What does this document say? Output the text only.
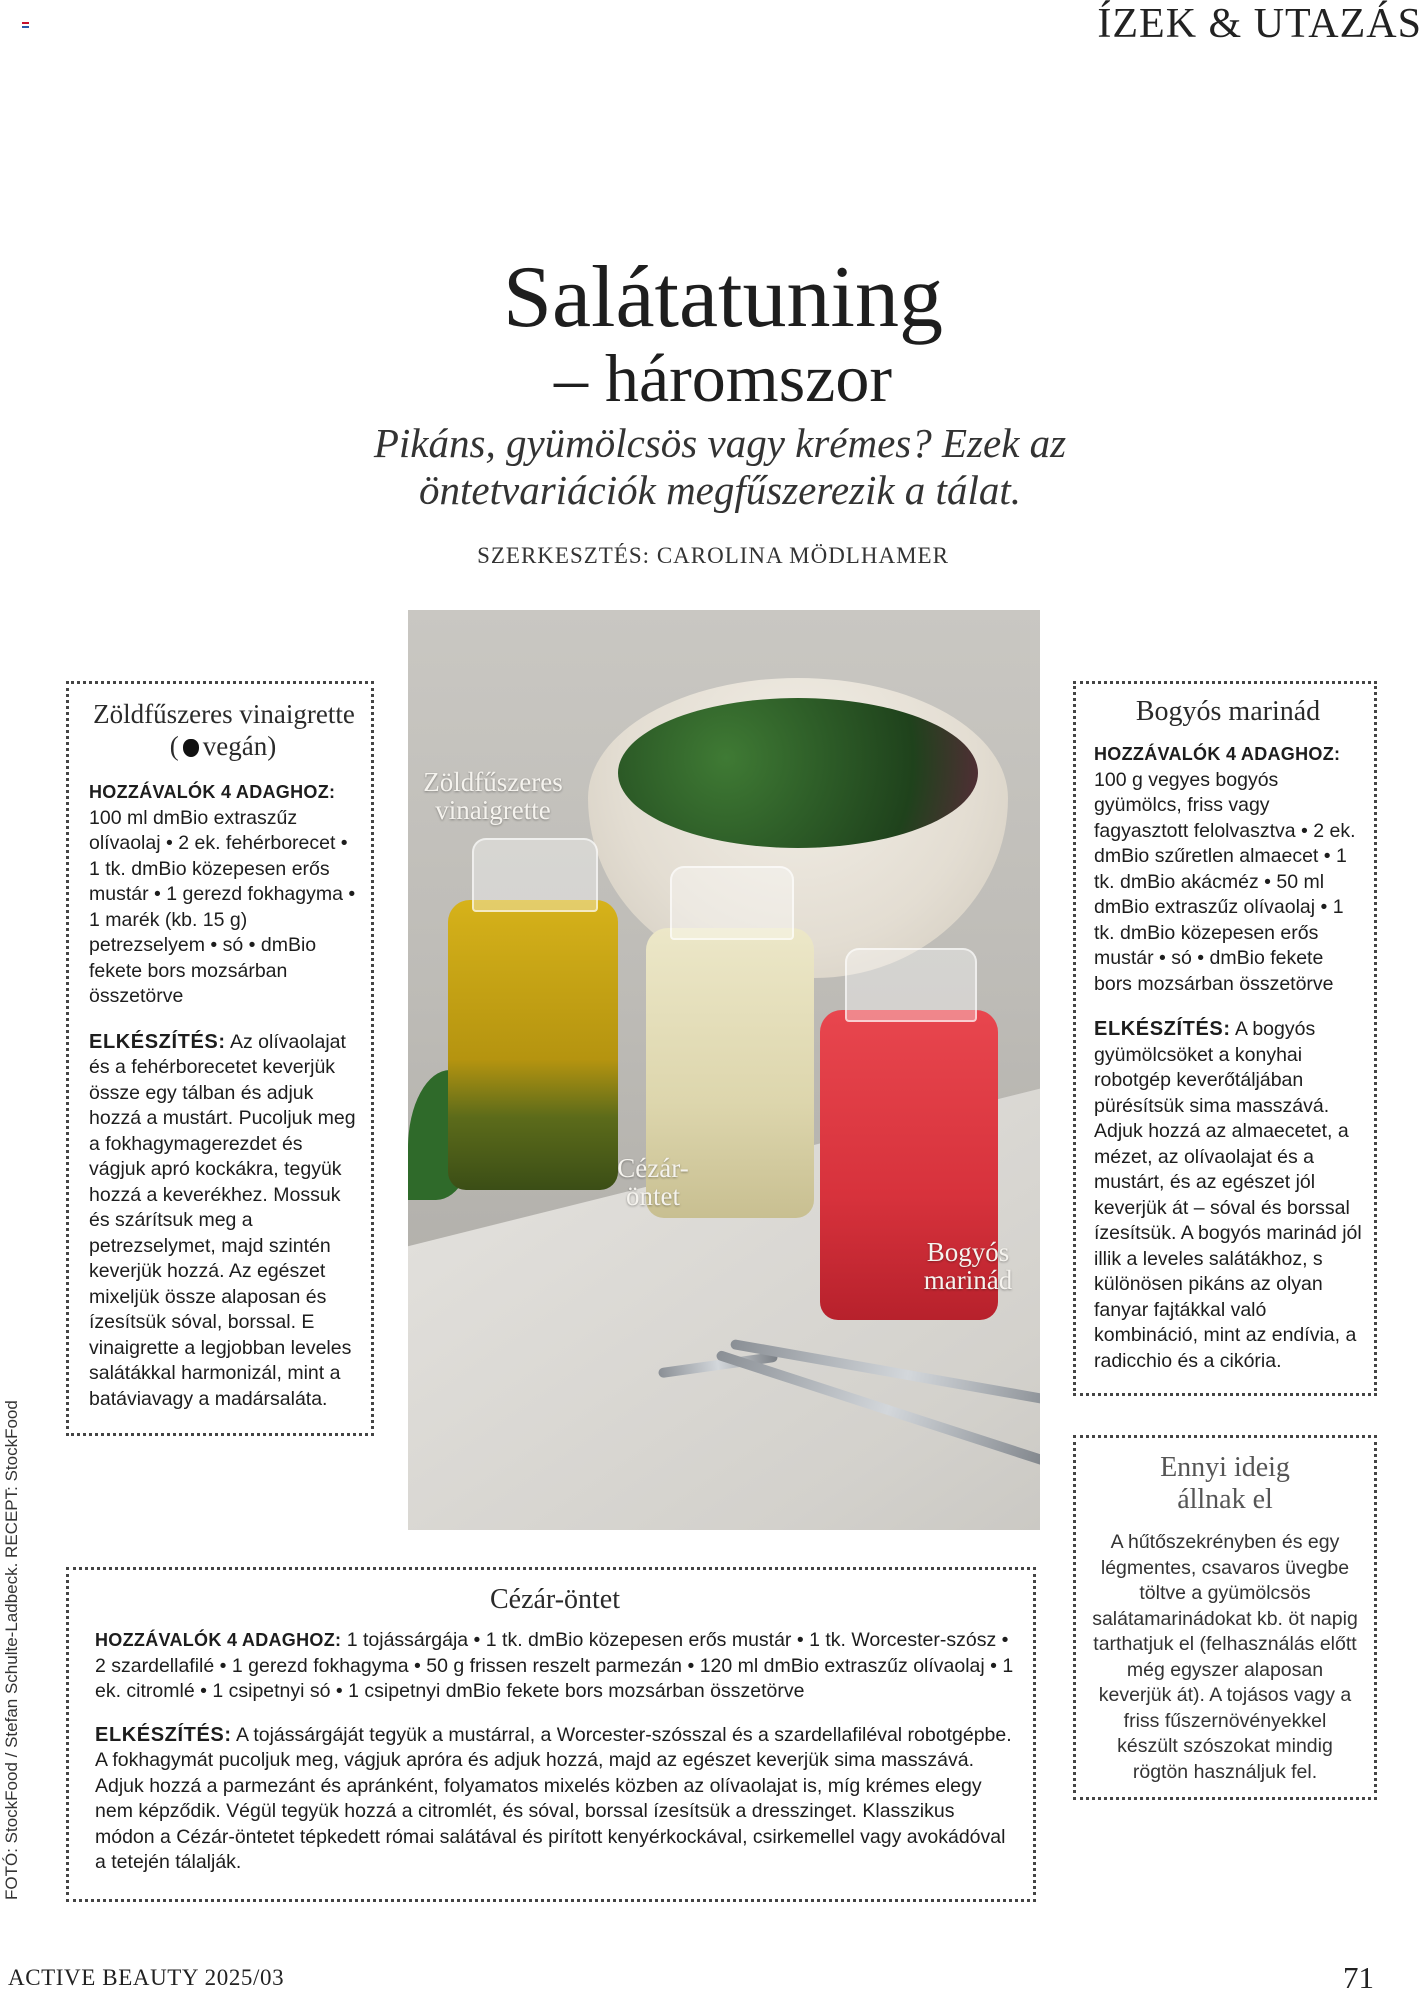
ÍZEK & UTAZÁS
Salátatuning
– háromszor
Pikáns, gyümölcsös vagy krémes? Ezek az öntetvariációk megfűszerezik a tálat.
SZERKESZTÉS: CAROLINA MÖDLHAMER
Zöldfűszeres vinaigrette
( vegán)
HOZZÁVALÓK 4 ADAGHOZ:
100 ml dmBio extraszűz olívaolaj • 2 ek. fehérborecet • 1 tk. dmBio közepesen erős mustár • 1 gerezd fokhagyma • 1 marék (kb. 15 g) petrezselyem • só • dmBio fekete bors mozsárban összetörve
ELKÉSZÍTÉS: Az olívaolajat és a fehérborecetet keverjük össze egy tálban és adjuk hozzá a mustárt. Pucoljuk meg a fokhagymagerezdet és vágjuk apró kockákra, tegyük hozzá a keverékhez. Mossuk és szárítsuk meg a petrezselymet, majd szintén keverjük hozzá. Az egészet mixeljük össze alaposan és ízesítsük sóval, borssal. E vinaigrette a legjobban leveles salátákkal harmonizál, mint a batáviavagy a madársaláta.
Zöldfűszeres
vinaigrette
Cézár-
öntet
Bogyós
marinád
Bogyós marinád
HOZZÁVALÓK 4 ADAGHOZ:
100 g vegyes bogyós gyümölcs, friss vagy fagyasztott felolvasztva • 2 ek. dmBio szűretlen almaecet • 1 tk. dmBio akácméz • 50 ml dmBio extraszűz olívaolaj • 1 tk. dmBio közepesen erős mustár • só • dmBio fekete bors mozsárban összetörve
ELKÉSZÍTÉS: A bogyós gyümölcsöket a konyhai robotgép keverőtáljában pürésítsük sima masszává. Adjuk hozzá az almaecetet, a mézet, az olívaolajat és a mustárt, és az egészet jól keverjük át – sóval és borssal ízesítsük. A bogyós marinád jól illik a leveles salátákhoz, s különösen pikáns az olyan fanyar fajtákkal való kombináció, mint az endívia, a radicchio és a cikória.
Ennyi ideig
állnak el
A hűtőszekrényben és egy légmentes, csavaros üvegbe töltve a gyümölcsös salátamarinádokat kb. öt napig tarthatjuk el (felhasználás előtt még egyszer alaposan keverjük át). A tojásos vagy a friss fűszernövényekkel készült szószokat mindig rögtön használjuk fel.
Cézár-öntet
HOZZÁVALÓK 4 ADAGHOZ: 1 tojássárgája • 1 tk. dmBio közepesen erős mustár • 1 tk. Worcester-szósz • 2 szardellafilé • 1 gerezd fokhagyma • 50 g frissen reszelt parmezán • 120 ml dmBio extraszűz olívaolaj • 1 ek. citromlé • 1 csipetnyi só • 1 csipetnyi dmBio fekete bors mozsárban összetörve
ELKÉSZÍTÉS: A tojássárgáját tegyük a mustárral, a Worcester-szósszal és a szardellafiléval robotgépbe. A fokhagymát pucoljuk meg, vágjuk apróra és adjuk hozzá, majd az egészet keverjük sima masszává. Adjuk hozzá a parmezánt és apránként, folyamatos mixelés közben az olívaolajat is, míg krémes elegy nem képződik. Végül tegyük hozzá a citromlét, és sóval, borssal ízesítsük a dresszinget. Klasszikus módon a Cézár-öntetet tépkedett római salátával és pirított kenyérkockával, csirkemellel vagy avokádóval a tetején tálalják.
FOTÓ: StockFood / Stefan Schulte-Ladbeck. RECEPT: StockFood
ACTIVE BEAUTY 2025/03	71
